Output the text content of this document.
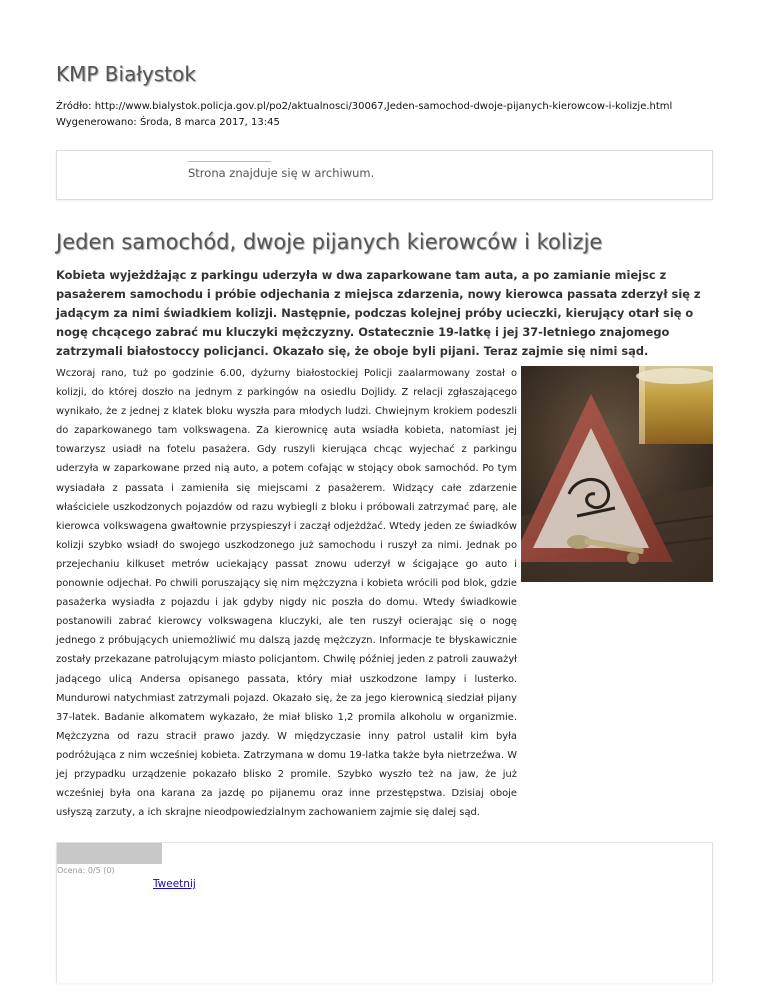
KMP Białystok
Źródło: http://www.bialystok.policja.gov.pl/po2/aktualnosci/30067,Jeden-samochod-dwoje-pijanych-kierowcow-i-kolizje.html
Wygenerowano: Środa, 8 marca 2017, 13:45
Strona znajduje się w archiwum.
Jeden samochód, dwoje pijanych kierowców i kolizje

Kobieta wyjeżdżając z parkingu uderzyła w dwa zaparkowane tam auta, a po zamianie miejsc z pasażerem samochodu i próbie odjechania z miejsca zdarzenia, nowy kierowca passata zderzył się z jadącym za nimi świadkiem kolizji. Następnie, podczas kolejnej próby ucieczki, kierujący otarł się o nogę chcącego zabrać mu kluczyki mężczyzny. Ostatecznie 19-latkę i jej 37-letniego znajomego zatrzymali białostoccy policjanci. Okazało się, że oboje byli pijani. Teraz zajmie się nimi sąd.

Wczoraj rano, tuż po godzinie 6.00, dyżurny białostockiej Policji zaalarmowany został o kolizji, do której doszło na jednym z parkingów na osiedlu Dojlidy. Z relacji zgłaszającego wynikało, że z jednej z klatek bloku wyszła para młodych ludzi. Chwiejnym krokiem podeszli do zaparkowanego tam volkswagena. Za kierownicę auta wsiadła kobieta, natomiast jej towarzysz usiadł na fotelu pasażera. Gdy ruszyli kierująca chcąc wyjechać z parkingu uderzyła w zaparkowane przed nią auto, a potem cofając w stojący obok samochód. Po tym wysiadała z passata i zamieniła się miejscami z pasażerem. Widzący całe zdarzenie właściciele uszkodzonych pojazdów od razu wybiegli z bloku i próbowali zatrzymać parę, ale kierowca volkswagena gwałtownie przyspieszył i zaczął odjeżdżać. Wtedy jeden ze świadków kolizji szybko wsiadł do swojego uszkodzonego już samochodu i ruszył za nimi. Jednak po przejechaniu kilkuset metrów uciekający passat znowu uderzył w ścigające go auto i ponownie odjechał. Po chwili poruszający się nim mężczyzna i kobieta wrócili pod blok, gdzie pasażerka wysiadła z pojazdu i jak gdyby nigdy nic poszła do domu. Wtedy świadkowie postanowili zabrać kierowcy volkswagena kluczyki, ale ten ruszył ocierając się o nogę jednego z próbujących uniemożliwić mu dalszą jazdę mężczyzn. Informacje te błyskawicznie zostały przekazane patrolującym miasto policjantom. Chwilę później jeden z patroli zauważył jadącego ulicą Andersa opisanego passata, który miał uszkodzone lampy i lusterko. Mundurowi natychmiast zatrzymali pojazd. Okazało się, że za jego kierownicą siedział pijany 37-latek. Badanie alkomatem wykazało, że miał blisko 1,2 promila alkoholu w organizmie. Mężczyzna od razu stracił prawo jazdy. W międzyczasie inny patrol ustalił kim była podróżująca z nim wcześniej kobieta. Zatrzymana w domu 19-latka także była nietrzeźwa. W jej przypadku urządzenie pokazało blisko 2 promile. Szybko wyszło też na jaw, że już wcześniej była ona karana za jazdę po pijanemu oraz inne przestępstwa. Dzisiaj oboje usłyszą zarzuty, a ich skrajne nieodpowiedzialnym zachowaniem zajmie się dalej sąd.

Ocena: 0/5 (0)
Tweetnij
